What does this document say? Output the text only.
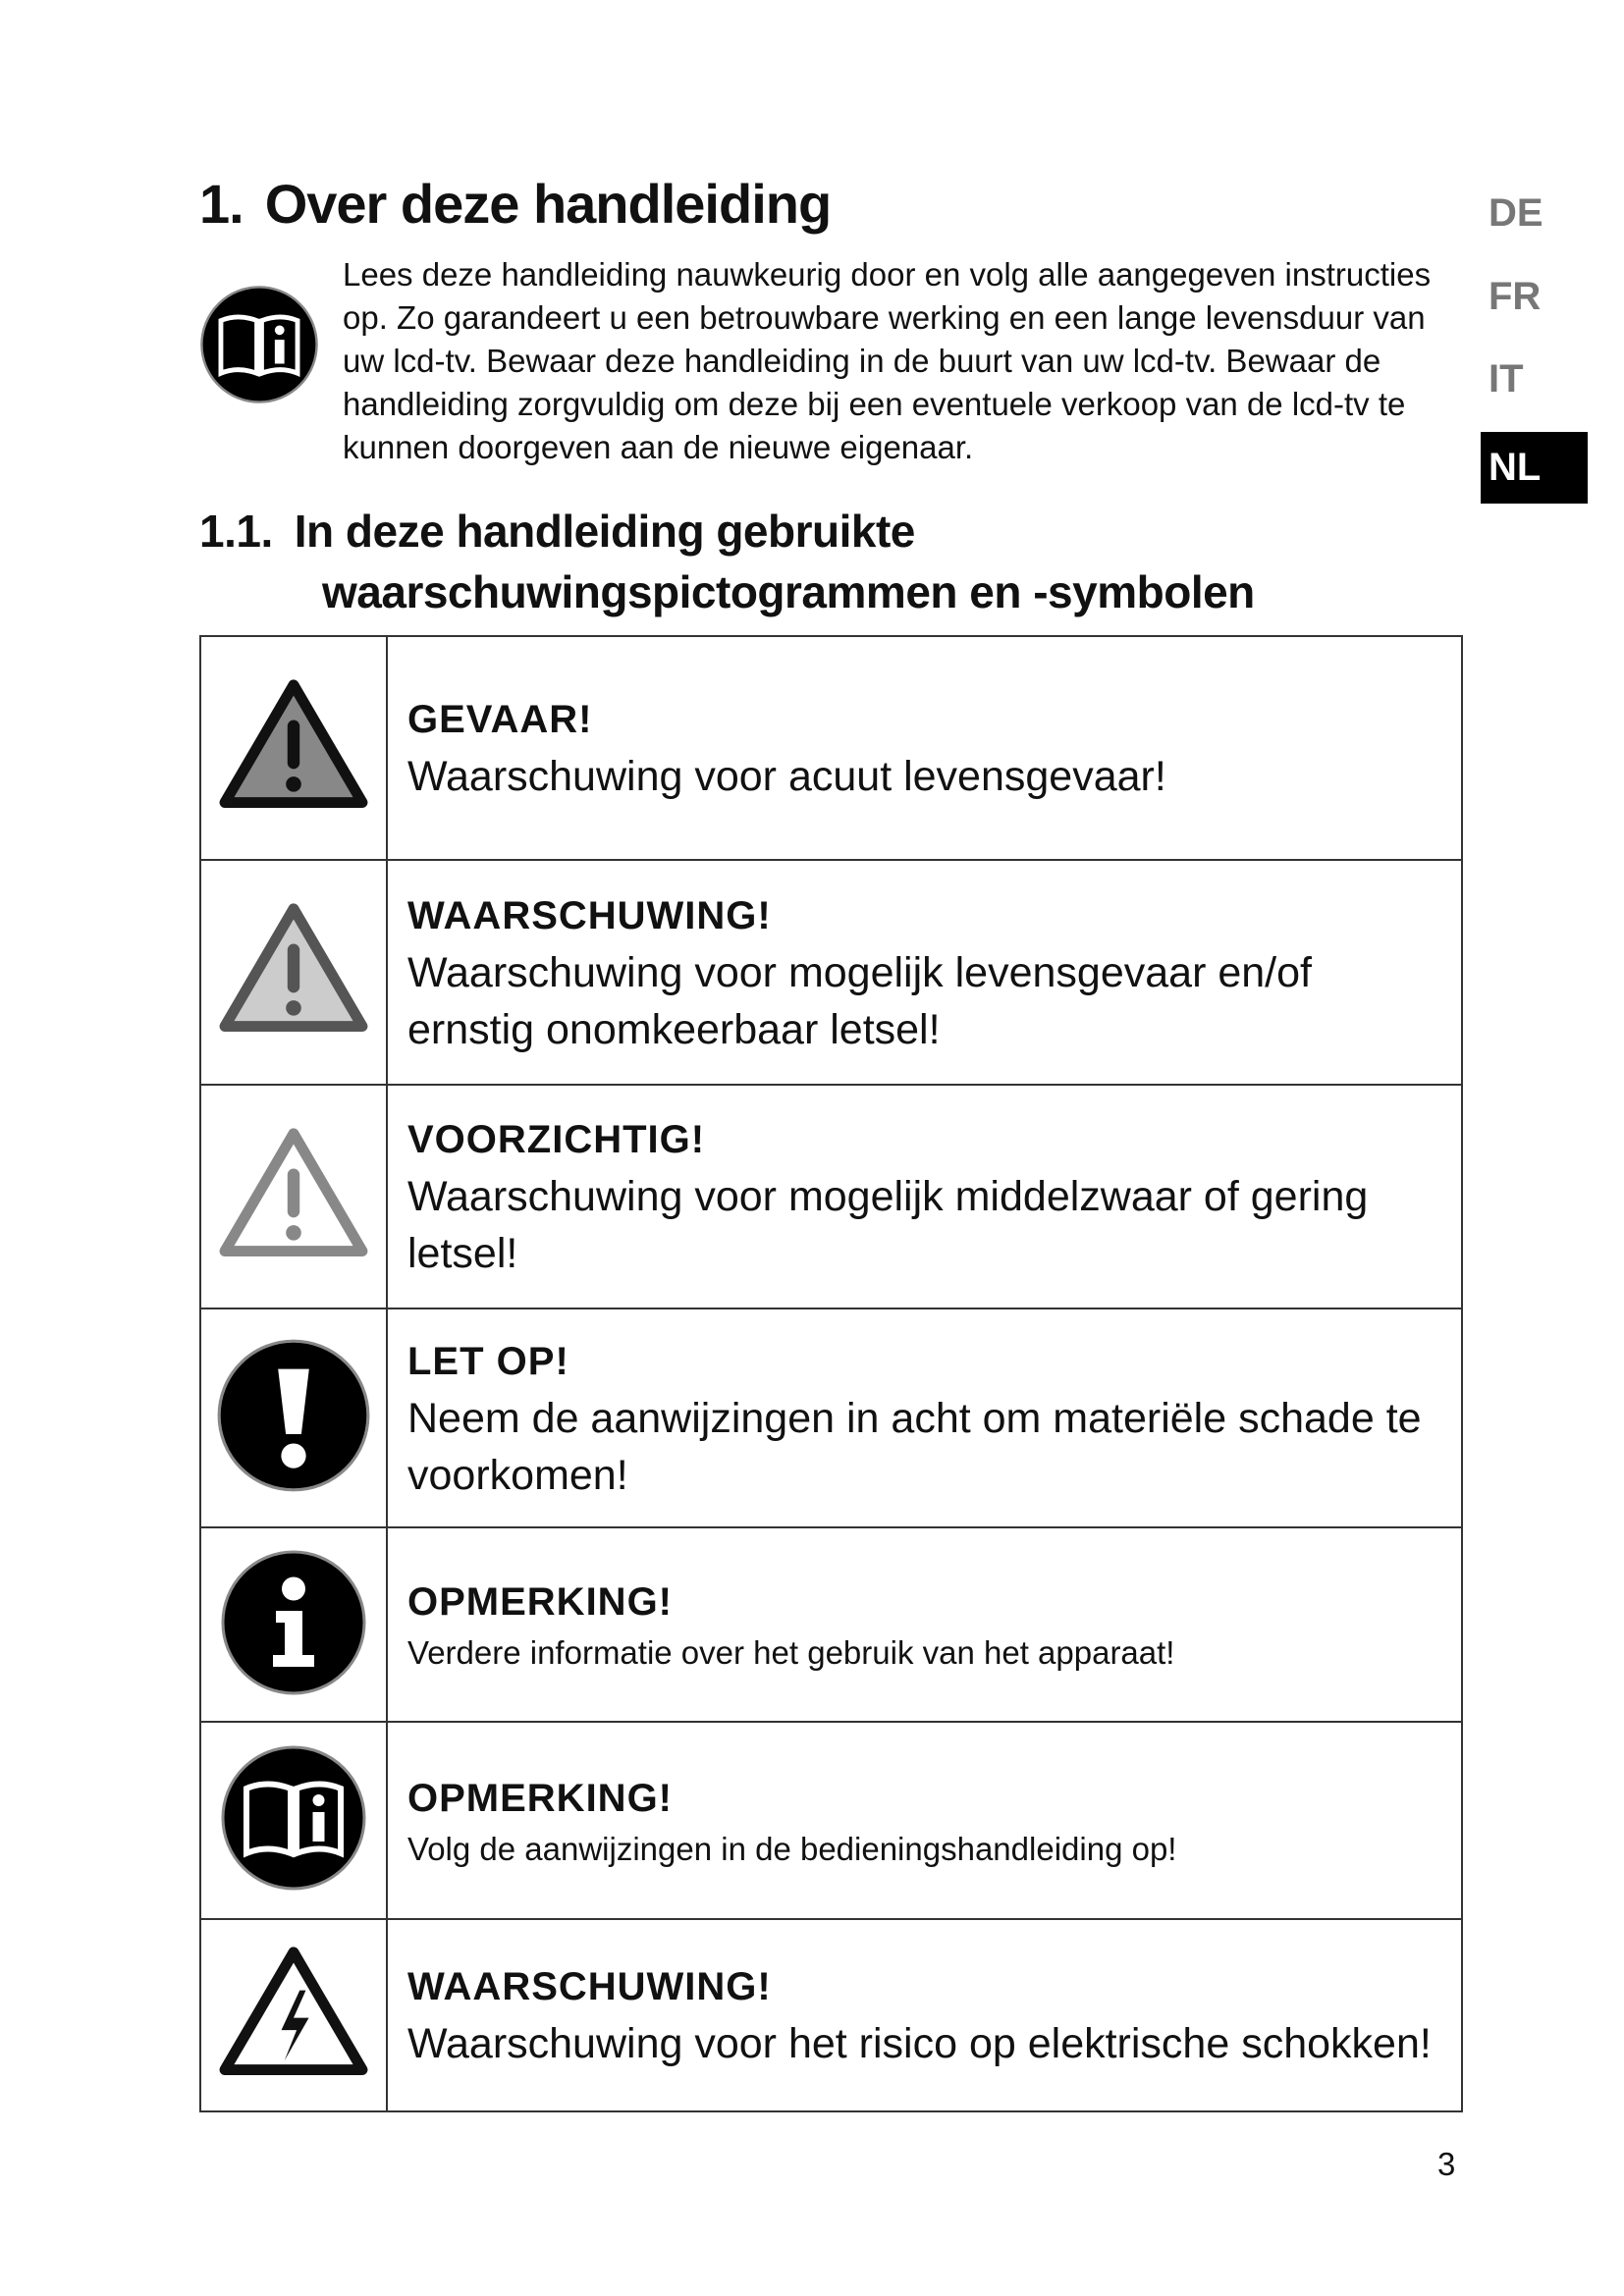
1. Over deze handleiding

Lees deze handleiding nauwkeurig door en volg alle aangegeven instructies op. Zo garandeert u een betrouwbare werking en een lange levensduur van uw lcd-tv. Bewaar deze handleiding in de buurt van uw lcd-tv. Bewaar de handleiding zorgvuldig om deze bij een eventuele verkoop van de lcd-tv te kunnen doorgeven aan de nieuwe eigenaar.

1.1. In deze handleiding gebruikte
waarschuwingspictogrammen en -symbolen
DE
FR
IT
NL

GEVAAR!
Waarschuwing voor acuut levensgevaar!

WAARSCHUWING!
Waarschuwing voor mogelijk levensgevaar en/of ernstig onomkeerbaar letsel!

VOORZICHTIG!
Waarschuwing voor mogelijk middelzwaar of gering letsel!

LET OP!
Neem de aanwijzingen in acht om materiële schade te voorkomen!

OPMERKING!
Verdere informatie over het gebruik van het apparaat!

OPMERKING!
Volg de aanwijzingen in de bedieningshandleiding op!

WAARSCHUWING!
Waarschuwing voor het risico op elektrische schokken!
3
